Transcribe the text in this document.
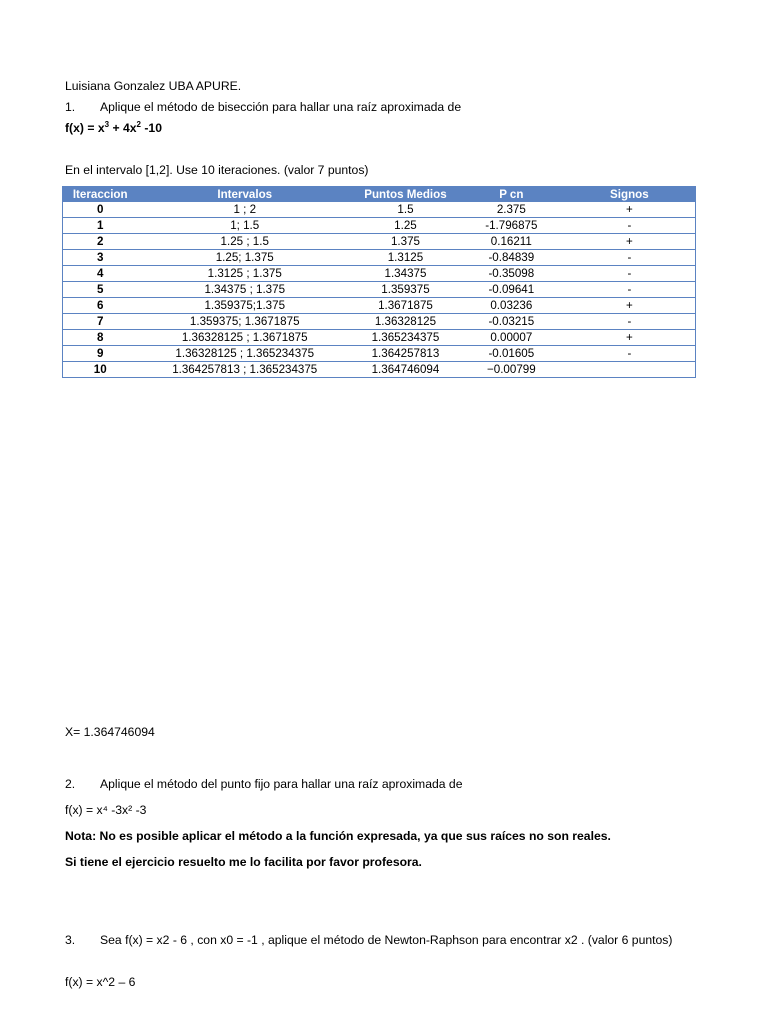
Luisiana Gonzalez UBA APURE.
1. Aplique el método de bisección para hallar una raíz aproximada de
$f(x) = x^3 + 4x^2$ -10
En el intervalo [1,2]. Use 10 iteraciones. (valor 7 puntos)
Iteraccion	Intervalos	Puntos Medios	P cn	Signos
0	1 ; 2	1.5	2.375	+
1	1; 1.5	1.25	-1.796875	-
2	1.25 ; 1.5	1.375	0.16211	+
3	1.25; 1.375	1.3125	-0.84839	-
4	1.3125 ; 1.375	1.34375	-0.35098	-
5	1.34375 ; 1.375	1.359375	-0.09641	-
6	1.359375;1.375	1.3671875	0.03236	+
7	1.359375; 1.3671875	1.36328125	-0.03215	-
8	1.36328125 ; 1.3671875	1.365234375	0.00007	+
9	1.36328125 ; 1.365234375	1.364257813	-0.01605	-
10	1.364257813 ; 1.365234375	1.364746094	−0.00799	
X= 1.364746094
2. Aplique el método del punto fijo para hallar una raíz aproximada de
f(x) = x⁴ -3x² -3
Nota: No es posible aplicar el método a la función expresada, ya que sus raíces no son reales.
Si tiene el ejercicio resuelto me lo facilita por favor profesora.
3. Sea f(x) = x2 - 6 , con x0 = -1 , aplique el método de Newton-Raphson para encontrar x2 . (valor 6 puntos)
f(x) = x^2 – 6
